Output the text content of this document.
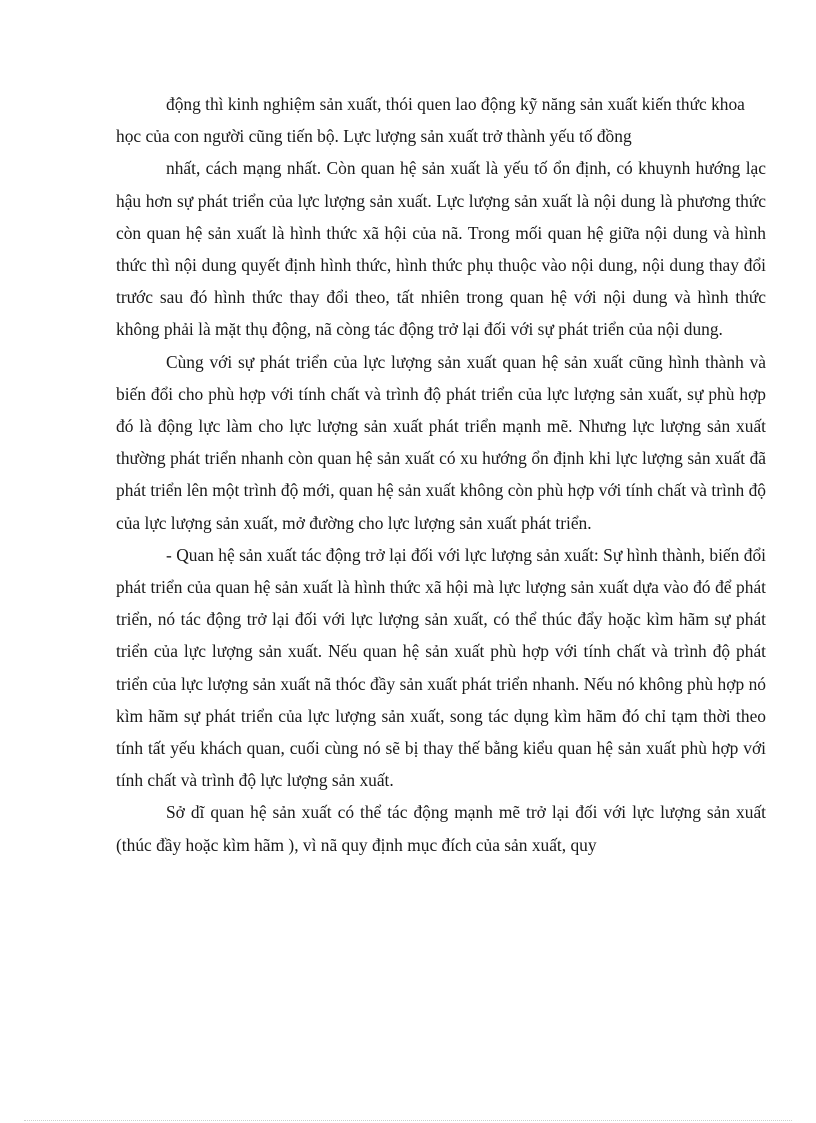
động thì kinh nghiệm sản xuất, thói quen lao động kỹ năng sản xuất kiến thức khoa học của con người cũng tiến bộ. Lực lượng sản xuất trở thành yếu tố đồng

nhất, cách mạng nhất. Còn quan hệ sản xuất là yếu tố ổn định, có khuynh hướng lạc hậu hơn sự phát triển của lực lượng sản xuất. Lực lượng sản xuất là nội dung là phương thức còn quan hệ sản xuất là hình thức xã hội của nã. Trong mối quan hệ giữa nội dung và hình thức thì nội dung quyết định hình thức, hình thức phụ thuộc vào nội dung, nội dung thay đổi trước sau đó hình thức thay đổi theo, tất nhiên trong quan hệ với nội dung và hình thức không phải là mặt thụ động, nã còng tác động trở lại đối với sự phát triển của nội dung.

Cùng với sự phát triển của lực lượng sản xuất quan hệ sản xuất cũng hình thành và biến đổi cho phù hợp với tính chất và trình độ phát triển của lực lượng sản xuất, sự phù hợp đó là động lực làm cho lực lượng sản xuất phát triển mạnh mẽ. Nhưng lực lượng sản xuất thường phát triển nhanh còn quan hệ sản xuất có xu hướng ổn định khi lực lượng sản xuất đã phát triển lên một trình độ mới, quan hệ sản xuất không còn phù hợp với tính chất và trình độ của lực lượng sản xuất, mở đường cho lực lượng sản xuất phát triển.

- Quan hệ sản xuất tác động trở lại đối với lực lượng sản xuất: Sự hình thành, biến đổi phát triển của quan hệ sản xuất là hình thức xã hội mà lực lượng sản xuất dựa vào đó để phát triển, nó tác động trở lại đối với lực lượng sản xuất, có thể thúc đẩy hoặc kìm hãm sự phát triển của lực lượng sản xuất. Nếu quan hệ sản xuất phù hợp với tính chất và trình độ phát triển của lực lượng sản xuất nã thóc đầy sản xuất phát triển nhanh. Nếu nó không phù hợp nó kìm hãm sự phát triển của lực lượng sản xuất, song tác dụng kìm hãm đó chỉ tạm thời theo tính tất yếu khách quan, cuối cùng nó sẽ bị thay thế bằng kiểu quan hệ sản xuất phù hợp với tính chất và trình độ lực lượng sản xuất.

Sở dĩ quan hệ sản xuất có thể tác động mạnh mẽ trở lại đối với lực lượng sản xuất (thúc đầy hoặc kìm hãm ), vì nã quy định mục đích của sản xuất, quy
